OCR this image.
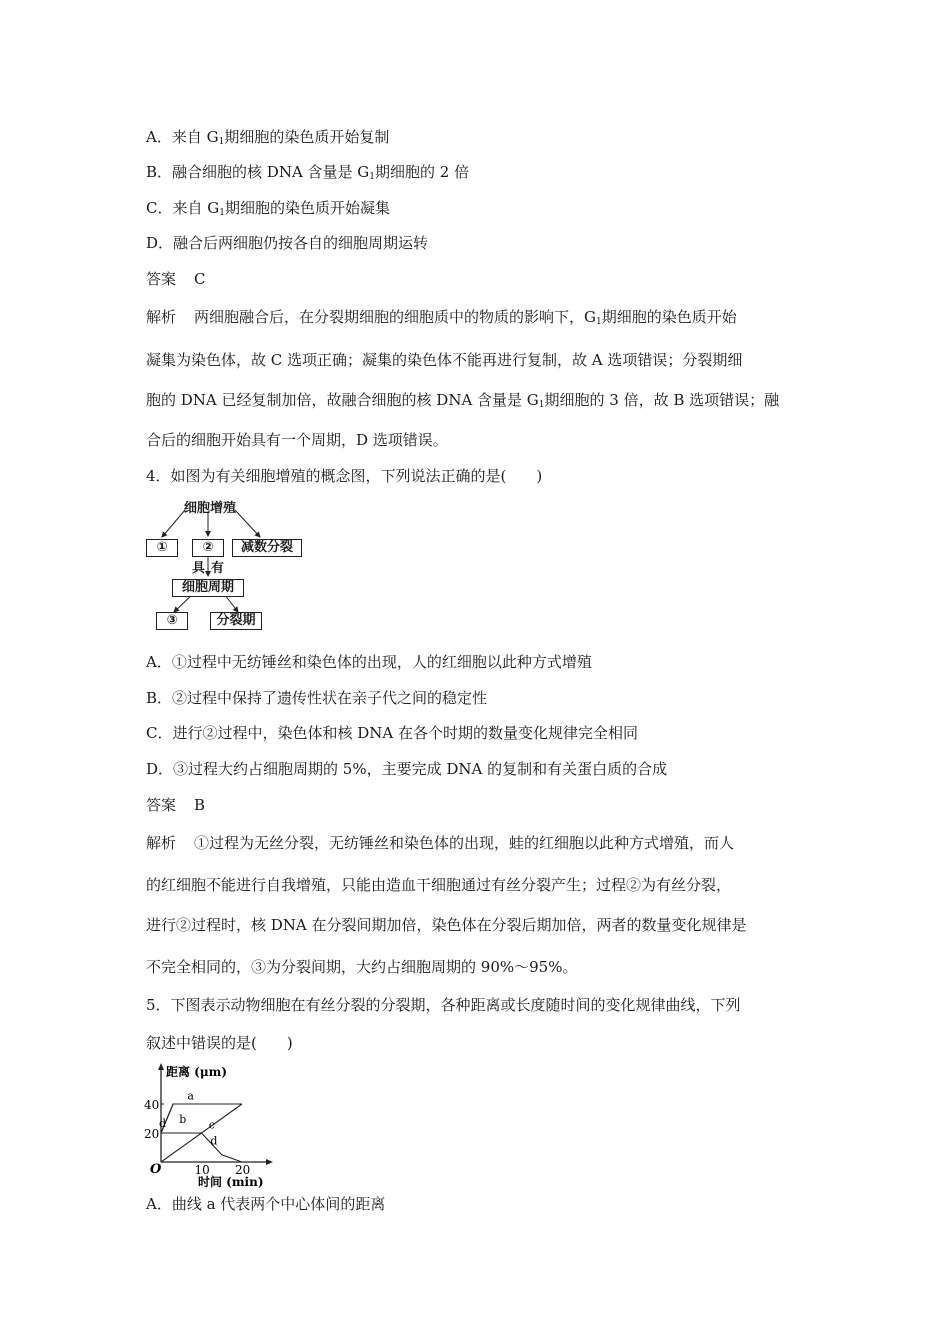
A．来自 $G_1$期细胞的染色质开始复制
B．融合细胞的核 DNA 含量是 $G_1$期细胞的 2 倍
C．来自 $G_1$期细胞的染色质开始凝集
D．融合后两细胞仍按各自的细胞周期运转
答案 C
解析 两细胞融合后，在分裂期细胞的细胞质中的物质的影响下，$G_1$期细胞的染色质开始
凝集为染色体，故 C 选项正确；凝集的染色体不能再进行复制，故 A 选项错误；分裂期细
胞的 DNA 已经复制加倍，故融合细胞的核 DNA 含量是 $G_1$期细胞的 3 倍，故 B 选项错误；融
合后的细胞开始具有一个周期，D 选项错误。
4．如图为有关细胞增殖的概念图，下列说法正确的是(　　)
细胞增殖
①	②	减数分裂
具 有
细胞周期
③	分裂期
A．①过程中无纺锤丝和染色体的出现，人的红细胞以此种方式增殖
B．②过程中保持了遗传性状在亲子代之间的稳定性
C．进行②过程中，染色体和核 DNA 在各个时期的数量变化规律完全相同
D．③过程大约占细胞周期的 5%，主要完成 DNA 的复制和有关蛋白质的合成
答案 B
解析 ①过程为无丝分裂，无纺锤丝和染色体的出现，蛙的红细胞以此种方式增殖，而人
的红细胞不能进行自我增殖，只能由造血干细胞通过有丝分裂产生；过程②为有丝分裂，
进行②过程时，核 DNA 在分裂间期加倍，染色体在分裂后期加倍，两者的数量变化规律是
不完全相同的，③为分裂间期，大约占细胞周期的 90%～95%。
5．下图表示动物细胞在有丝分裂的分裂期，各种距离或长度随时间的变化规律曲线，下列
叙述中错误的是(　　)
距离 (μm)
时间 (min)
O
20
40
10 20
a
b c
d
d
A．曲线 a 代表两个中心体间的距离
